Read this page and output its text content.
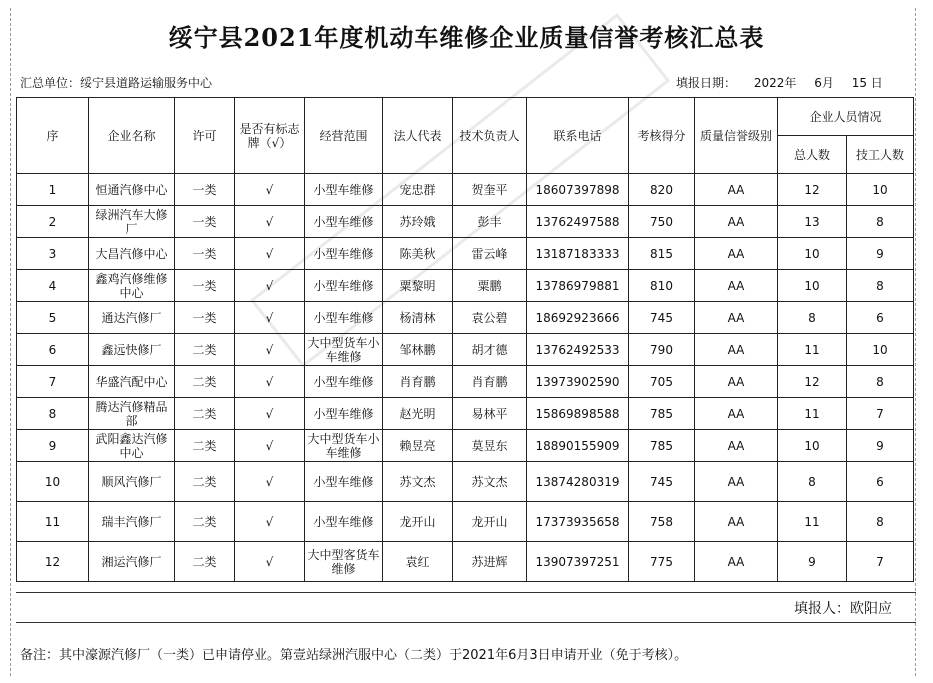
绥宁县2021年度机动车维修企业质量信誉考核汇总表
汇总单位：绥宁县道路运输服务中心	填报日期： 2022年 6月 15 日
序	企业名称	许可	是否有标志牌（√）	经营范围	法人代表	技术负责人	联系电话	考核得分	质量信誉级别	企业人员情况	
										总人数	技工人数
1	恒通汽修中心	一类	√	小型车维修	宠忠群	贺奎平	18607397898	820	AA	12	10
2	绿洲汽车大修厂	一类	√	小型车维修	苏玲娥	彭丰	13762497588	750	AA	13	8
3	大昌汽修中心	一类	√	小型车维修	陈美秋	雷云峰	13187183333	815	AA	10	9
4	鑫鸡汽修维修中心	一类	√	小型车维修	粟黎明	粟鹏	13786979881	810	AA	10	8
5	通达汽修厂	一类	√	小型车维修	杨清林	袁公碧	18692923666	745	AA	8	6
6	鑫远快修厂	二类	√	大中型货车小车维修	邹林鹏	胡才德	13762492533	790	AA	11	10
7	华盛汽配中心	二类	√	小型车维修	肖育鹏	肖育鹏	13973902590	705	AA	12	8
8	腾达汽修精品部	二类	√	小型车维修	赵光明	易林平	15869898588	785	AA	11	7
9	武阳鑫达汽修中心	二类	√	大中型货车小车维修	赖昱亮	莫昱东	18890155909	785	AA	10	9
10	顺风汽修厂	二类	√	小型车维修	苏文杰	苏文杰	13874280319	745	AA	8	6
11	瑞丰汽修厂	二类	√	小型车维修	龙开山	龙开山	17373935658	758	AA	11	8
12	湘运汽修厂	二类	√	大中型客货车维修	袁红	苏进辉	13907397251	775	AA	9	7
填报人：欧阳应
备注：其中濠源汽修厂（一类）已申请停业。第壹站绿洲汽服中心（二类）于2021年6月3日申请开业（免于考核）。
